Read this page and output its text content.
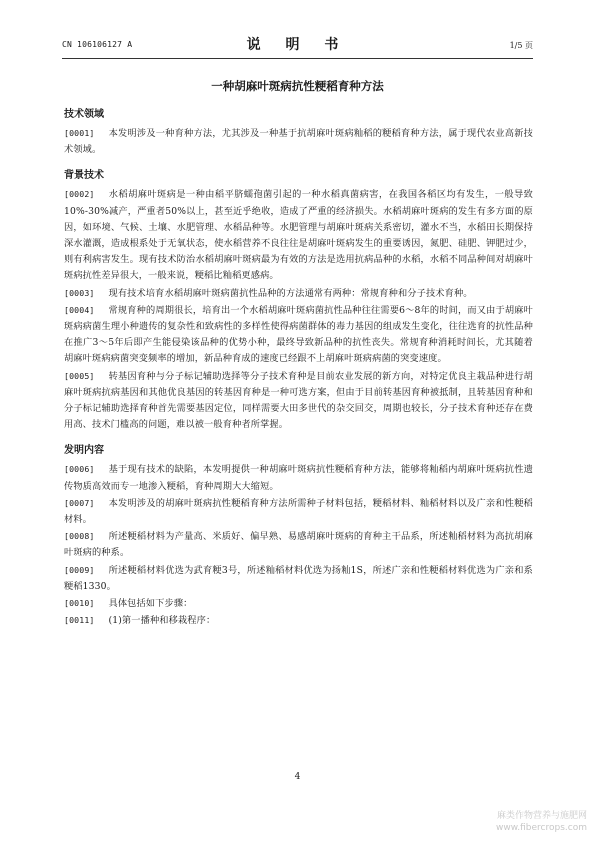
CN 106106127 A	说 明 书	1/5 页
一种胡麻叶斑病抗性粳稻育种方法
技术领域

[0001] 本发明涉及一种育种方法，尤其涉及一种基于抗胡麻叶斑病籼稻的粳稻育种方法，属于现代农业高新技术领域。

背景技术

[0002] 水稻胡麻叶斑病是一种由稻平脐蠕孢菌引起的一种水稻真菌病害，在我国各稻区均有发生，一般导致10%-30%减产，严重者50%以上，甚至近乎绝收，造成了严重的经济损失。水稻胡麻叶斑病的发生有多方面的原因，如环境、气候、土壤、水肥管理、水稻品种等。水肥管理与胡麻叶斑病关系密切，灌水不当，水稻田长期保持深水灌溉，造成根系处于无氧状态，使水稻营养不良往往是胡麻叶斑病发生的重要诱因，氮肥、硅肥、钾肥过少，则有利病害发生。现有技术防治水稻胡麻叶斑病最为有效的方法是选用抗病品种的水稻，水稻不同品种间对胡麻叶斑病抗性差异很大，一般来说，粳稻比籼稻更感病。

[0003] 现有技术培育水稻胡麻叶斑病菌抗性品种的方法通常有两种：常规育种和分子技术育种。

[0004] 常规育种的周期很长，培育出一个水稻胡麻叶斑病菌抗性品种往往需要6～8年的时间，而又由于胡麻叶斑病病菌生理小种遗传的复杂性和致病性的多样性使得病菌群体的毒力基因的组成发生变化，往往选育的抗性品种在推广3～5年后即产生能侵染该品种的优势小种，最终导致新品种的抗性丧失。常规育种消耗时间长，尤其随着胡麻叶斑病病菌突变频率的增加，新品种育成的速度已经跟不上胡麻叶斑病病菌的突变速度。

[0005] 转基因育种与分子标记辅助选择等分子技术育种是目前农业发展的新方向，对特定优良主栽品种进行胡麻叶斑病抗病基因和其他优良基因的转基因育种是一种可选方案，但由于目前转基因育种被抵制，且转基因育种和分子标记辅助选择育种首先需要基因定位，同样需要大田多世代的杂交回交，周期也较长，分子技术育种还存在费用高、技术门槛高的问题，难以被一般育种者所掌握。

发明内容

[0006] 基于现有技术的缺陷，本发明提供一种胡麻叶斑病抗性粳稻育种方法，能够将籼稻内胡麻叶斑病抗性遗传物质高效而专一地渗入粳稻，育种周期大大缩短。

[0007] 本发明涉及的胡麻叶斑病抗性粳稻育种方法所需种子材料包括，粳稻材料、籼稻材料以及广亲和性粳稻材料。

[0008] 所述粳稻材料为产量高、米质好、偏早熟、易感胡麻叶斑病的育种主干品系，所述籼稻材料为高抗胡麻叶斑病的种系。

[0009] 所述粳稻材料优选为武育粳3号，所述籼稻材料优选为扬籼1S，所述广亲和性粳稻材料优选为广亲和系粳稻1330。

[0010] 具体包括如下步骤：

[0011] (1)第一播种和移栽程序：

4
麻类作物营养与施肥网
www.fibercrops.com
